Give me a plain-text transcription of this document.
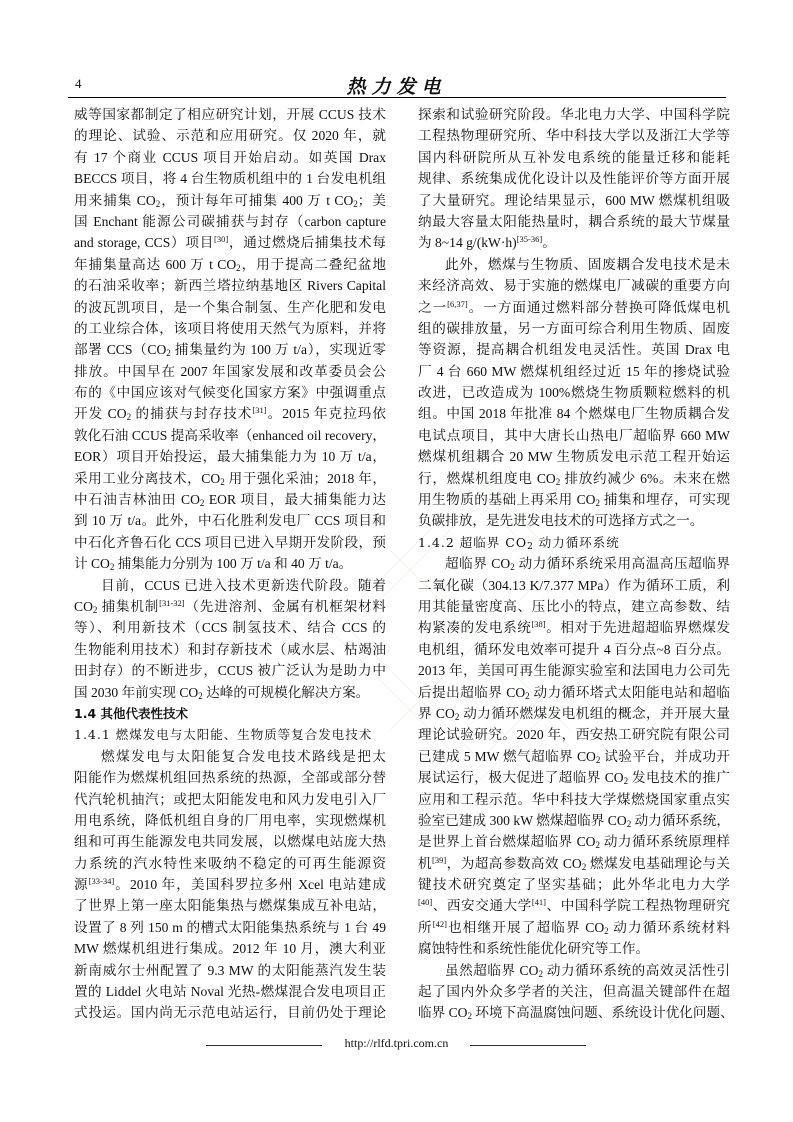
4	热力发电
威等国家都制定了相应研究计划，开展 CCUS 技术
的理论、试验、示范和应用研究。仅 2020 年，就
有 17 个商业 CCUS 项目开始启动。如英国 Drax
BECCS 项目，将 4 台生物质机组中的 1 台发电机组
用来捕集 $CO_2$，预计每年可捕集 400 万 t $CO_2$；美
国 Enchant 能源公司碳捕获与封存（carbon capture
and storage, CCS）项目[30]，通过燃烧后捕集技术每
年捕集量高达 600 万 t $CO_2$，用于提高二叠纪盆地
的石油采收率；新西兰塔拉纳基地区 Rivers Capital
的波瓦凯项目，是一个集合制氢、生产化肥和发电
的工业综合体，该项目将使用天然气为原料，并将
部署 $CCS(CO_2$ 捕集量约为 100 万 t/a），实现近零
排放。中国早在 2007 年国家发展和改革委员会公
布的《中国应该对气候变化国家方案》中强调重点
开发 $CO_2$ 的捕获与封存技术[31]。2015 年克拉玛依
敦化石油 CCUS 提高采收率（enhanced oil recovery，
EOR）项目开始投运，最大捕集能力为 10 万 t/a，
采用工业分离技术，$CO_2$ 用于强化采油；2018 年，
中石油吉林油田 $CO_2$ EOR 项目，最大捕集能力达
到 10 万 t/a。此外，中石化胜利发电厂 CCS 项目和
中石化齐鲁石化 CCS 项目已进入早期开发阶段，预
计 $CO_2$ 捕集能力分别为 100 万 t/a 和 40 万 t/a。
目前，CCUS 已进入技术更新迭代阶段。随着
$CO_2$ 捕集机制[31-32]（先进溶剂、金属有机框架材料
等）、利用新技术（CCS 制氢技术、结合 CCS 的
生物能利用技术）和封存新技术（咸水层、枯竭油
田封存）的不断进步，CCUS 被广泛认为是助力中
国 2030 年前实现 $CO_2$ 达峰的可规模化解决方案。
1.4 其他代表性技术
1.4.1 燃煤发电与太阳能、生物质等复合发电技术
燃煤发电与太阳能复合发电技术路线是把太
阳能作为燃煤机组回热系统的热源，全部或部分替
代汽轮机抽汽；或把太阳能发电和风力发电引入厂
用电系统，降低机组自身的厂用电率，实现燃煤机
组和可再生能源发电共同发展，以燃煤电站庞大热
力系统的汽水特性来吸纳不稳定的可再生能源资
源[33-34]。2010 年，美国科罗拉多州 Xcel 电站建成
了世界上第一座太阳能集热与燃煤集成互补电站，
设置了 8 列 150 m 的槽式太阳能集热系统与 1 台 49
MW 燃煤机组进行集成。2012 年 10 月，澳大利亚
新南威尔士州配置了 9.3 MW 的太阳能蒸汽发生装
置的 Liddel 火电站 Noval 光热-燃煤混合发电项目正
式投运。国内尚无示范电站运行，目前仍处于理论
探索和试验研究阶段。华北电力大学、中国科学院
工程热物理研究所、华中科技大学以及浙江大学等
国内科研院所从互补发电系统的能量迁移和能耗
规律、系统集成优化设计以及性能评价等方面开展
了大量研究。理论结果显示，600 MW 燃煤机组吸
纳最大容量太阳能热量时，耦合系统的最大节煤量
为 8~14 g/(kW·h)[35-36]。
此外，燃煤与生物质、固废耦合发电技术是未
来经济高效、易于实施的燃煤电厂减碳的重要方向
之一[6,37]。一方面通过燃料部分替换可降低煤电机
组的碳排放量，另一方面可综合利用生物质、固废
等资源，提高耦合机组发电灵活性。英国 Drax 电
厂 4 台 660 MW 燃煤机组经过近 15 年的掺烧试验
改进，已改造成为 100%燃烧生物质颗粒燃料的机
组。中国 2018 年批准 84 个燃煤电厂生物质耦合发
电试点项目，其中大唐长山热电厂超临界 660 MW
燃煤机组耦合 20 MW 生物质发电示范工程开始运
行，燃煤机组度电 $CO_2$ 排放约减少 6%。未来在燃
用生物质的基础上再采用 $CO_2$ 捕集和埋存，可实现
负碳排放，是先进发电技术的可选择方式之一。
1.4.2 超临界 $CO_2$ 动力循环系统
超临界 $CO_2$ 动力循环系统采用高温高压超临界
二氧化碳（304.13 K/7.377 MPa）作为循环工质，利
用其能量密度高、压比小的特点，建立高参数、结
构紧凑的发电系统[38]。相对于先进超超临界燃煤发
电机组，循环发电效率可提升 4 百分点~8 百分点。
2013 年，美国可再生能源实验室和法国电力公司先
后提出超临界 $CO_2$ 动力循环塔式太阳能电站和超临
界 $CO_2$ 动力循环燃煤发电机组的概念，并开展大量
理论试验研究。2020 年，西安热工研究院有限公司
已建成 5 MW 燃气超临界 $CO_2$ 试验平台，并成功开
展试运行，极大促进了超临界 $CO_2$ 发电技术的推广
应用和工程示范。华中科技大学煤燃烧国家重点实
验室已建成 300 kW 燃煤超临界 $CO_2$ 动力循环系统，
是世界上首台燃煤超临界 $CO_2$ 动力循环系统原理样
机[39]，为超高参数高效 $CO_2$ 燃煤发电基础理论与关
键技术研究奠定了坚实基础；此外华北电力大学
[40]、西安交通大学[41]、中国科学院工程热物理研究
所[42]也相继开展了超临界 $CO_2$ 动力循环系统材料
腐蚀特性和系统性能优化研究等工作。
虽然超临界 $CO_2$ 动力循环系统的高效灵活性引
起了国内外众多学者的关注，但高温关键部件在超
临界 $CO_2$ 环境下高温腐蚀问题、系统设计优化问题、
http://rlfd.tpri.com.cn
